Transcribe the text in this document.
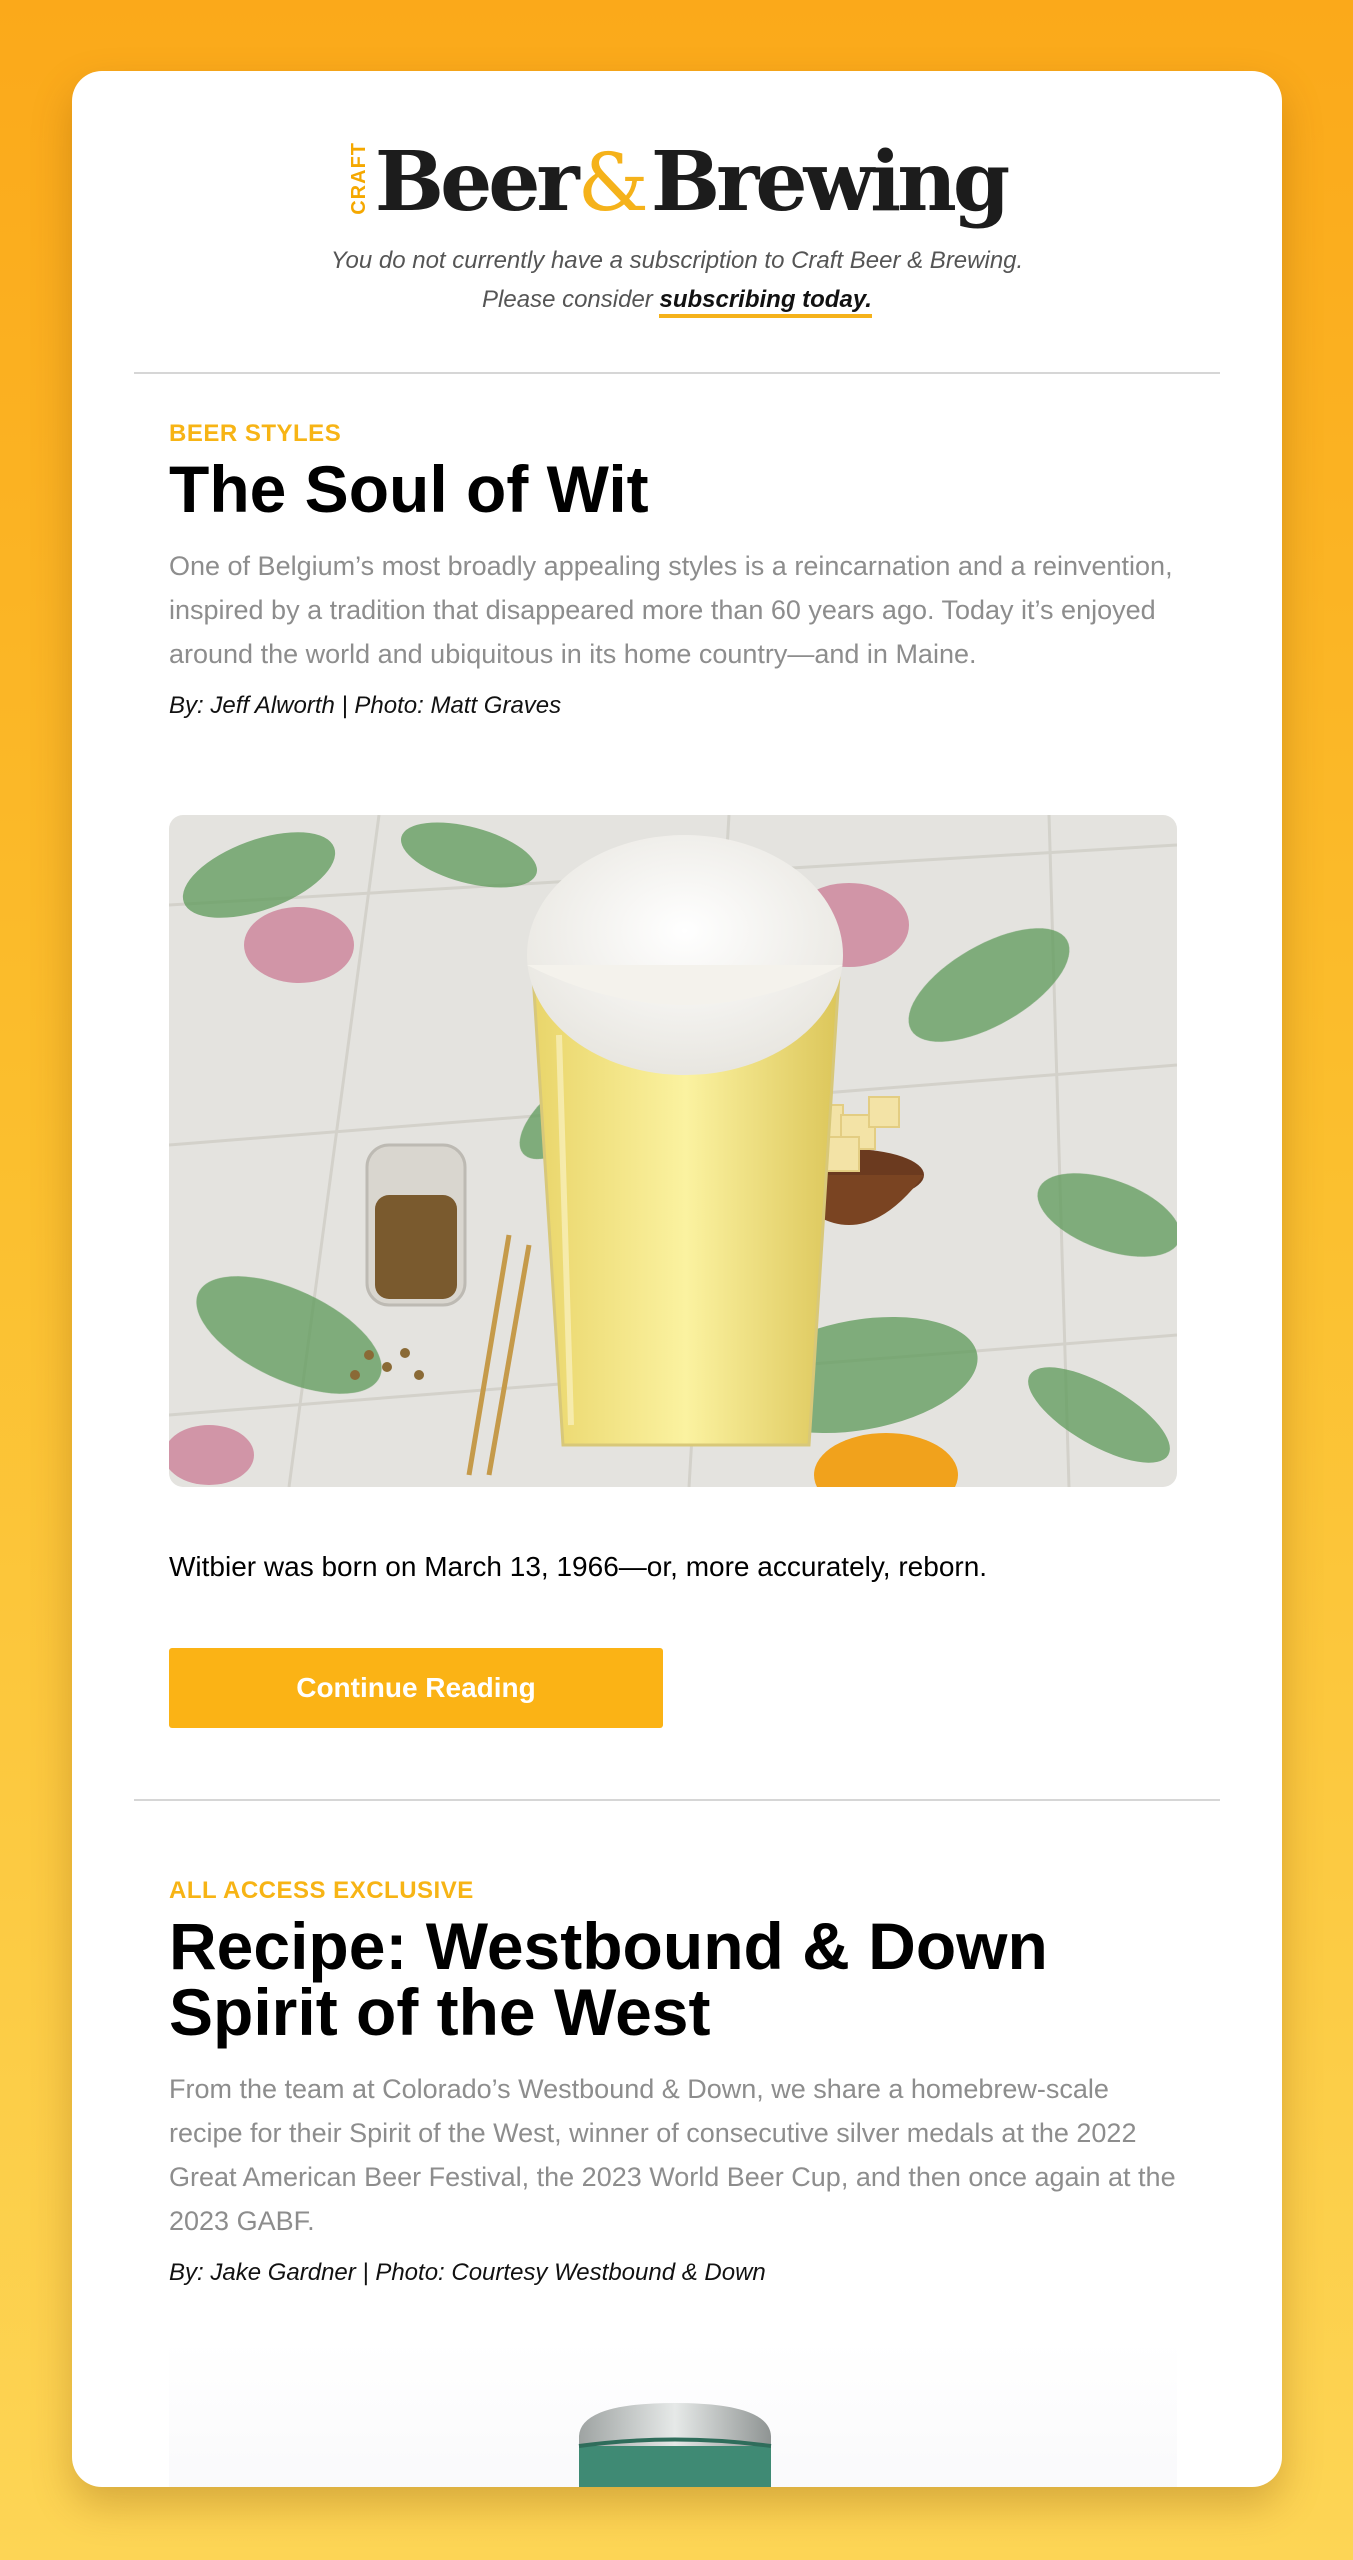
CRAFT Beer & Brewing
You do not currently have a subscription to Craft Beer & Brewing.
Please consider subscribing today.
BEER STYLES
The Soul of Wit
One of Belgium’s most broadly appealing styles is a reincarnation and a reinvention, inspired by a tradition that disappeared more than 60 years ago. Today it’s enjoyed around the world and ubiquitous in its home country—and in Maine.
By: Jeff Alworth | Photo: Matt Graves
Witbier was born on March 13, 1966—or, more accurately, reborn.
Continue Reading
ALL ACCESS EXCLUSIVE
Recipe: Westbound & Down
Spirit of the West
From the team at Colorado’s Westbound & Down, we share a homebrew-scale recipe for their Spirit of the West, winner of consecutive silver medals at the 2022 Great American Beer Festival, the 2023 World Beer Cup, and then once again at the 2023 GABF.
By: Jake Gardner | Photo: Courtesy Westbound & Down
